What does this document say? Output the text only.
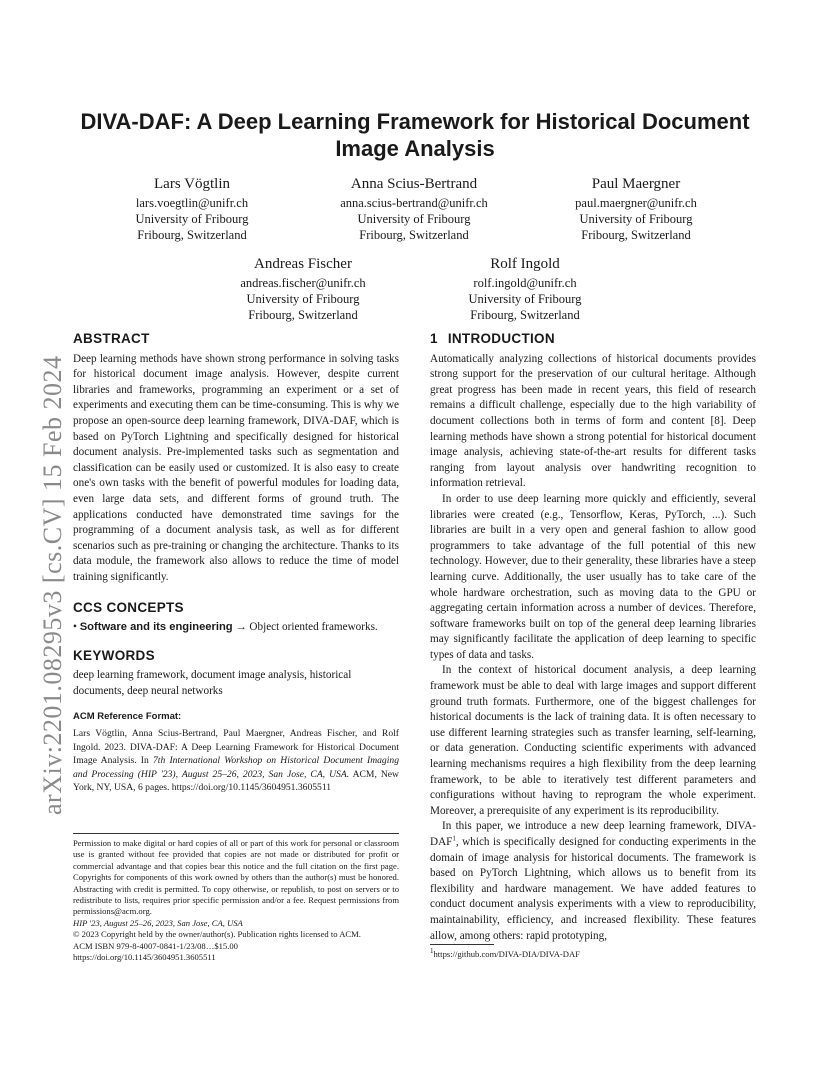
arXiv:2201.08295v3 [cs.CV] 15 Feb 2024
DIVA-DAF: A Deep Learning Framework for Historical Document
Image Analysis
Lars Vögtlin
lars.voegtlin@unifr.ch
University of Fribourg
Fribourg, Switzerland
Anna Scius-Bertrand
anna.scius-bertrand@unifr.ch
University of Fribourg
Fribourg, Switzerland
Paul Maergner
paul.maergner@unifr.ch
University of Fribourg
Fribourg, Switzerland
Andreas Fischer
andreas.fischer@unifr.ch
University of Fribourg
Fribourg, Switzerland
Rolf Ingold
rolf.ingold@unifr.ch
University of Fribourg
Fribourg, Switzerland
ABSTRACT

Deep learning methods have shown strong performance in solving tasks for historical document image analysis. However, despite current libraries and frameworks, programming an experiment or a set of experiments and executing them can be time-consuming. This is why we propose an open-source deep learning framework, DIVA-DAF, which is based on PyTorch Lightning and specifically designed for historical document analysis. Pre-implemented tasks such as segmentation and classification can be easily used or customized. It is also easy to create one's own tasks with the benefit of powerful modules for loading data, even large data sets, and different forms of ground truth. The applications conducted have demonstrated time savings for the programming of a document analysis task, as well as for different scenarios such as pre-training or changing the architecture. Thanks to its data module, the framework also allows to reduce the time of model training significantly.

CCS CONCEPTS

• Software and its engineering → Object oriented frameworks.

KEYWORDS

deep learning framework, document image analysis, historical documents, deep neural networks

ACM Reference Format:
Lars Vögtlin, Anna Scius-Bertrand, Paul Maergner, Andreas Fischer, and Rolf Ingold. 2023. DIVA-DAF: A Deep Learning Framework for Historical Document Image Analysis. In 7th International Workshop on Historical Document Imaging and Processing (HIP '23), August 25–26, 2023, San Jose, CA, USA. ACM, New York, NY, USA, 6 pages. https://doi.org/10.1145/3604951.3605511

Permission to make digital or hard copies of all or part of this work for personal or classroom use is granted without fee provided that copies are not made or distributed for profit or commercial advantage and that copies bear this notice and the full citation on the first page. Copyrights for components of this work owned by others than the author(s) must be honored. Abstracting with credit is permitted. To copy otherwise, or republish, to post on servers or to redistribute to lists, requires prior specific permission and/or a fee. Request permissions from permissions@acm.org.

HIP '23, August 25–26, 2023, San Jose, CA, USA

© 2023 Copyright held by the owner/author(s). Publication rights licensed to ACM.

ACM ISBN 979-8-4007-0841-1/23/08…$15.00

https://doi.org/10.1145/3604951.3605511

1 INTRODUCTION

Automatically analyzing collections of historical documents provides strong support for the preservation of our cultural heritage. Although great progress has been made in recent years, this field of research remains a difficult challenge, especially due to the high variability of document collections both in terms of form and content [8]. Deep learning methods have shown a strong potential for historical document image analysis, achieving state-of-the-art results for different tasks ranging from layout analysis over handwriting recognition to information retrieval.

In order to use deep learning more quickly and efficiently, several libraries were created (e.g., Tensorflow, Keras, PyTorch, ...). Such libraries are built in a very open and general fashion to allow good programmers to take advantage of the full potential of this new technology. However, due to their generality, these libraries have a steep learning curve. Additionally, the user usually has to take care of the whole hardware orchestration, such as moving data to the GPU or aggregating certain information across a number of devices. Therefore, software frameworks built on top of the general deep learning libraries may significantly facilitate the application of deep learning to specific types of data and tasks.

In the context of historical document analysis, a deep learning framework must be able to deal with large images and support different ground truth formats. Furthermore, one of the biggest challenges for historical documents is the lack of training data. It is often necessary to use different learning strategies such as transfer learning, self-learning, or data generation. Conducting scientific experiments with advanced learning mechanisms requires a high flexibility from the deep learning framework, to be able to iteratively test different parameters and configurations without having to reprogram the whole experiment. Moreover, a prerequisite of any experiment is its reproducibility.

In this paper, we introduce a new deep learning framework, DIVA-DAF$^1$, which is specifically designed for conducting experiments in the domain of image analysis for historical documents. The framework is based on PyTorch Lightning, which allows us to benefit from its flexibility and hardware management. We have added features to conduct document analysis experiments with a view to reproducibility, maintainability, efficiency, and increased flexibility. These features allow, among others: rapid prototyping,

$^1$https://github.com/DIVA-DIA/DIVA-DAF
